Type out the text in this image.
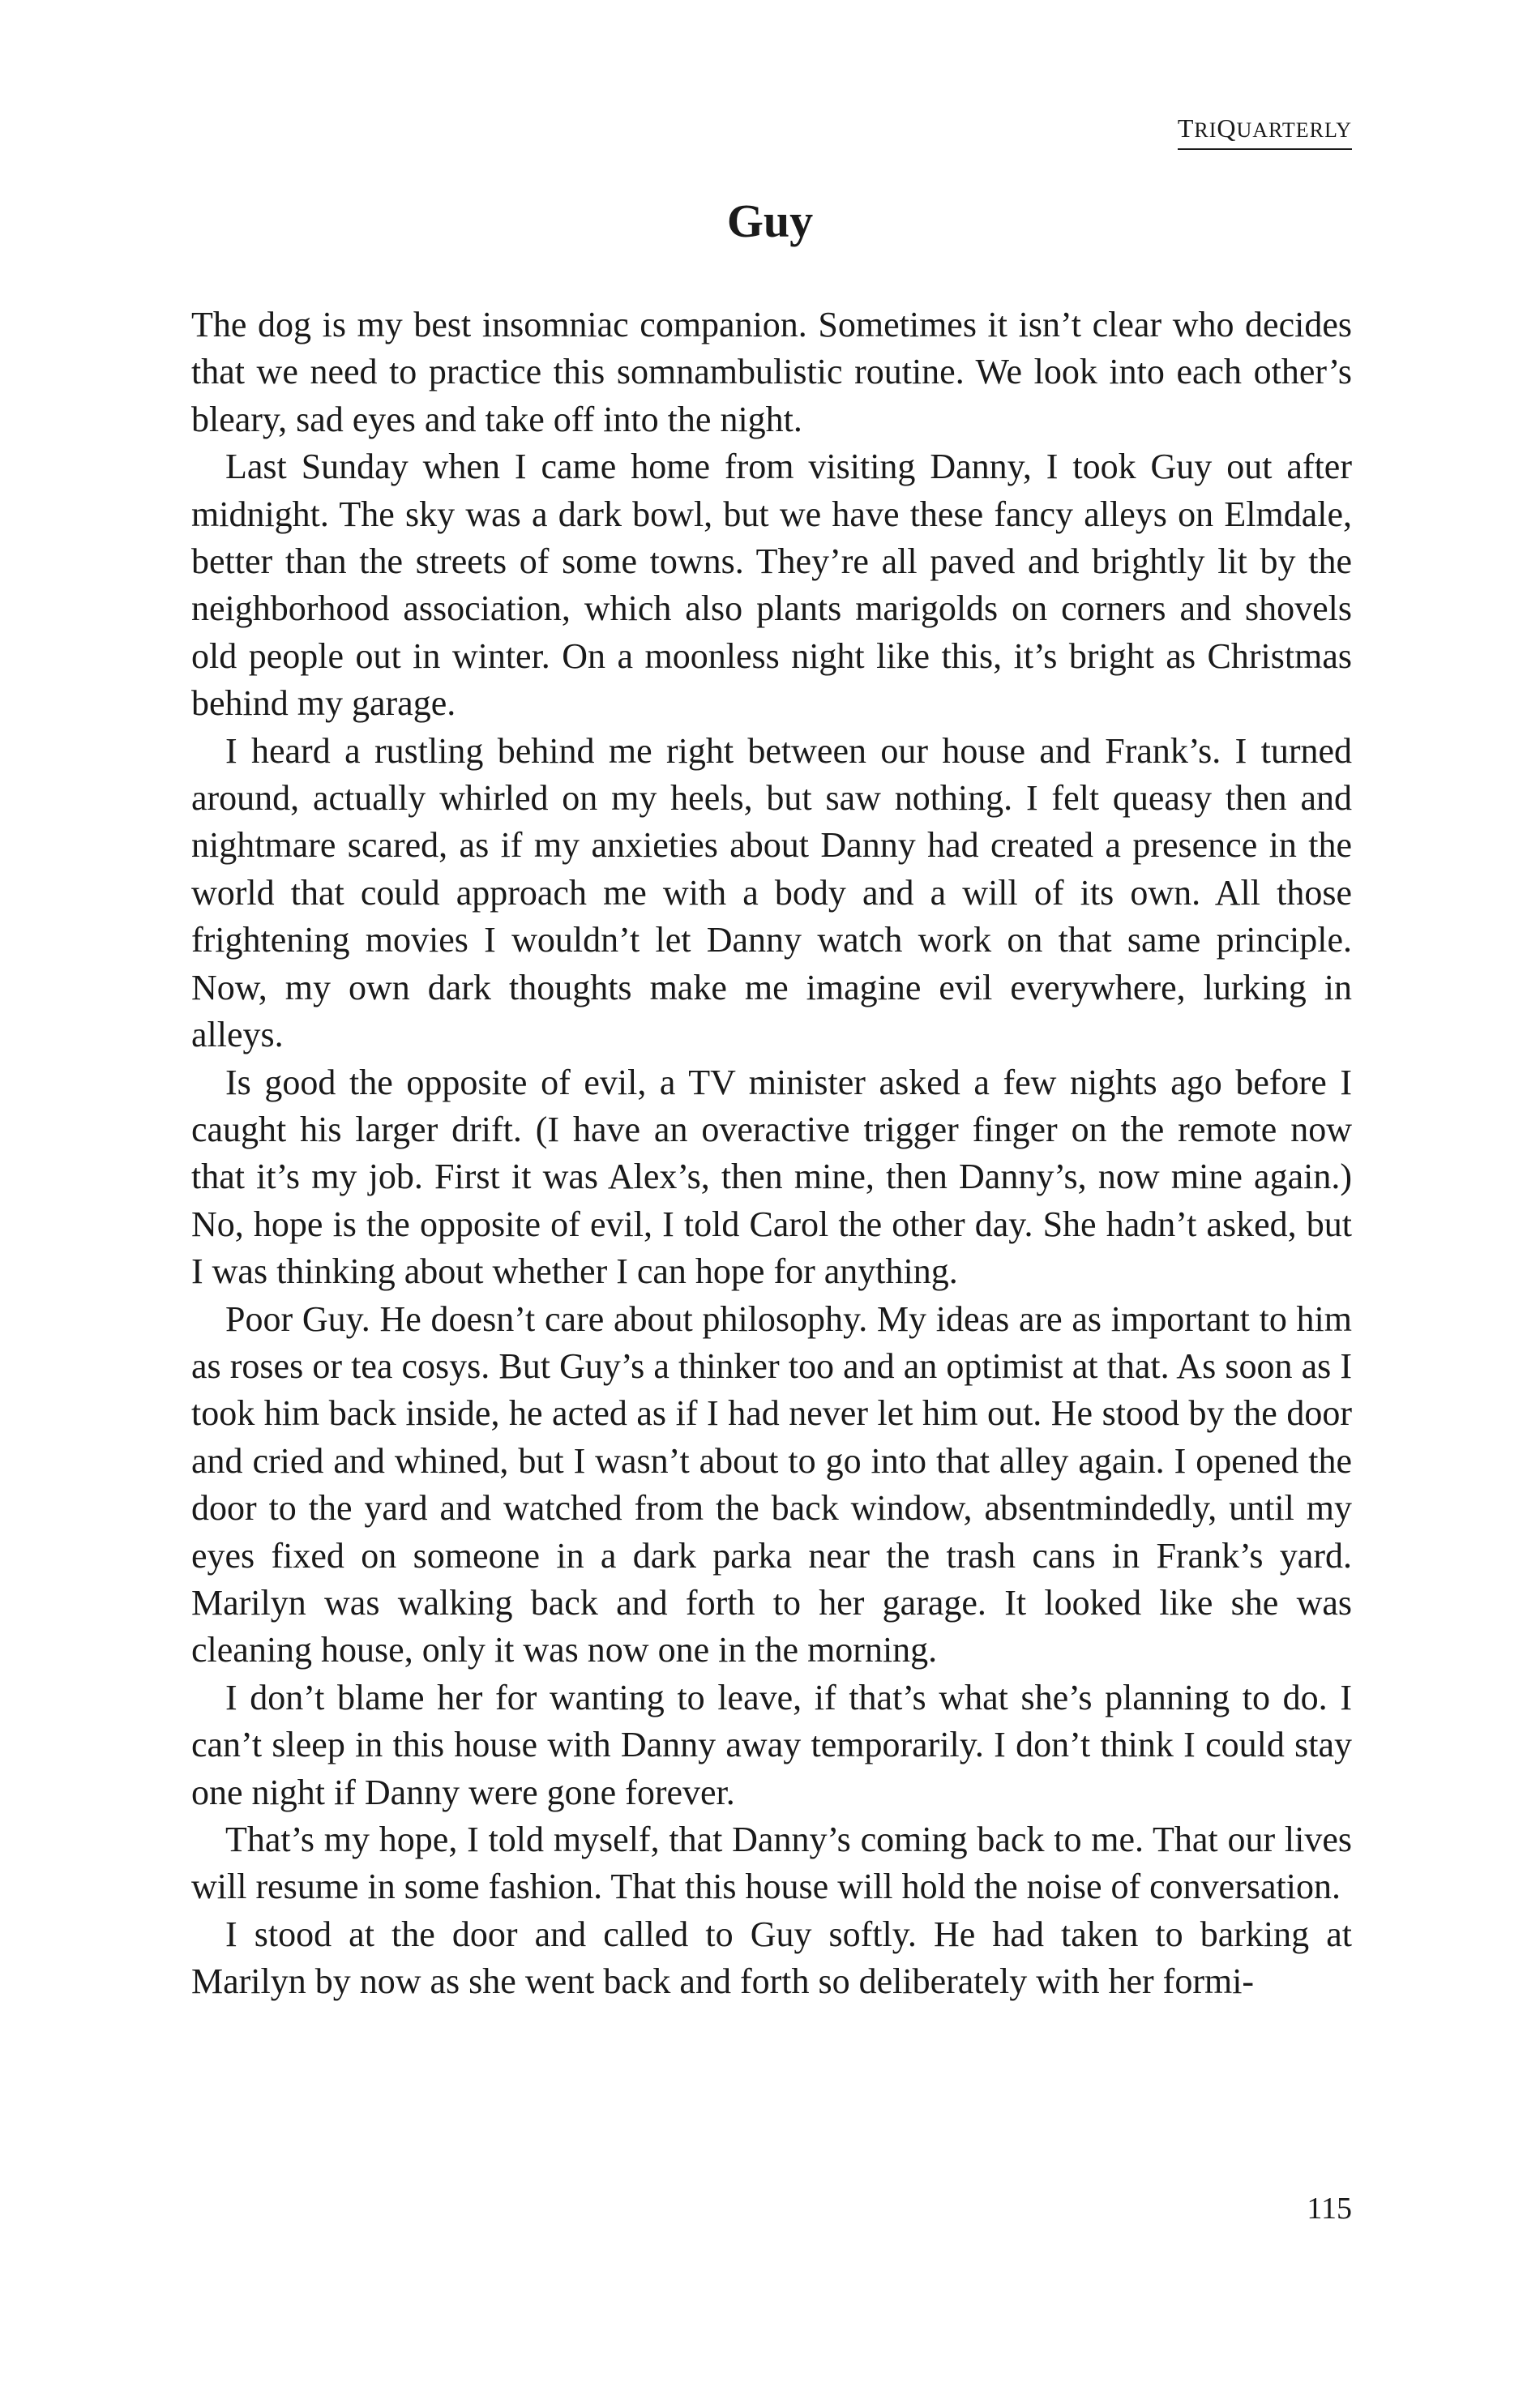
TRIQUARTERLY
Guy

The dog is my best insomniac companion. Sometimes it isn’t clear who decides that we need to practice this somnambulistic routine. We look into each other’s bleary, sad eyes and take off into the night.

Last Sunday when I came home from visiting Danny, I took Guy out after midnight. The sky was a dark bowl, but we have these fancy alleys on Elmdale, better than the streets of some towns. They’re all paved and brightly lit by the neighborhood association, which also plants marigolds on corners and shovels old people out in winter. On a moonless night like this, it’s bright as Christmas behind my garage.

I heard a rustling behind me right between our house and Frank’s. I turned around, actually whirled on my heels, but saw nothing. I felt queasy then and nightmare scared, as if my anxieties about Danny had created a presence in the world that could approach me with a body and a will of its own. All those frightening movies I wouldn’t let Danny watch work on that same principle. Now, my own dark thoughts make me imagine evil everywhere, lurking in alleys.

Is good the opposite of evil, a TV minister asked a few nights ago before I caught his larger drift. (I have an overactive trigger finger on the remote now that it’s my job. First it was Alex’s, then mine, then Danny’s, now mine again.) No, hope is the opposite of evil, I told Carol the other day. She hadn’t asked, but I was thinking about whether I can hope for anything.

Poor Guy. He doesn’t care about philosophy. My ideas are as important to him as roses or tea cosys. But Guy’s a thinker too and an optimist at that. As soon as I took him back inside, he acted as if I had never let him out. He stood by the door and cried and whined, but I wasn’t about to go into that alley again. I opened the door to the yard and watched from the back window, absentmindedly, until my eyes fixed on someone in a dark parka near the trash cans in Frank’s yard. Marilyn was walking back and forth to her garage. It looked like she was cleaning house, only it was now one in the morning.

I don’t blame her for wanting to leave, if that’s what she’s planning to do. I can’t sleep in this house with Danny away temporarily. I don’t think I could stay one night if Danny were gone forever.

That’s my hope, I told myself, that Danny’s coming back to me. That our lives will resume in some fashion. That this house will hold the noise of conversation.

I stood at the door and called to Guy softly. He had taken to barking at Marilyn by now as she went back and forth so deliberately with her formi-

115
